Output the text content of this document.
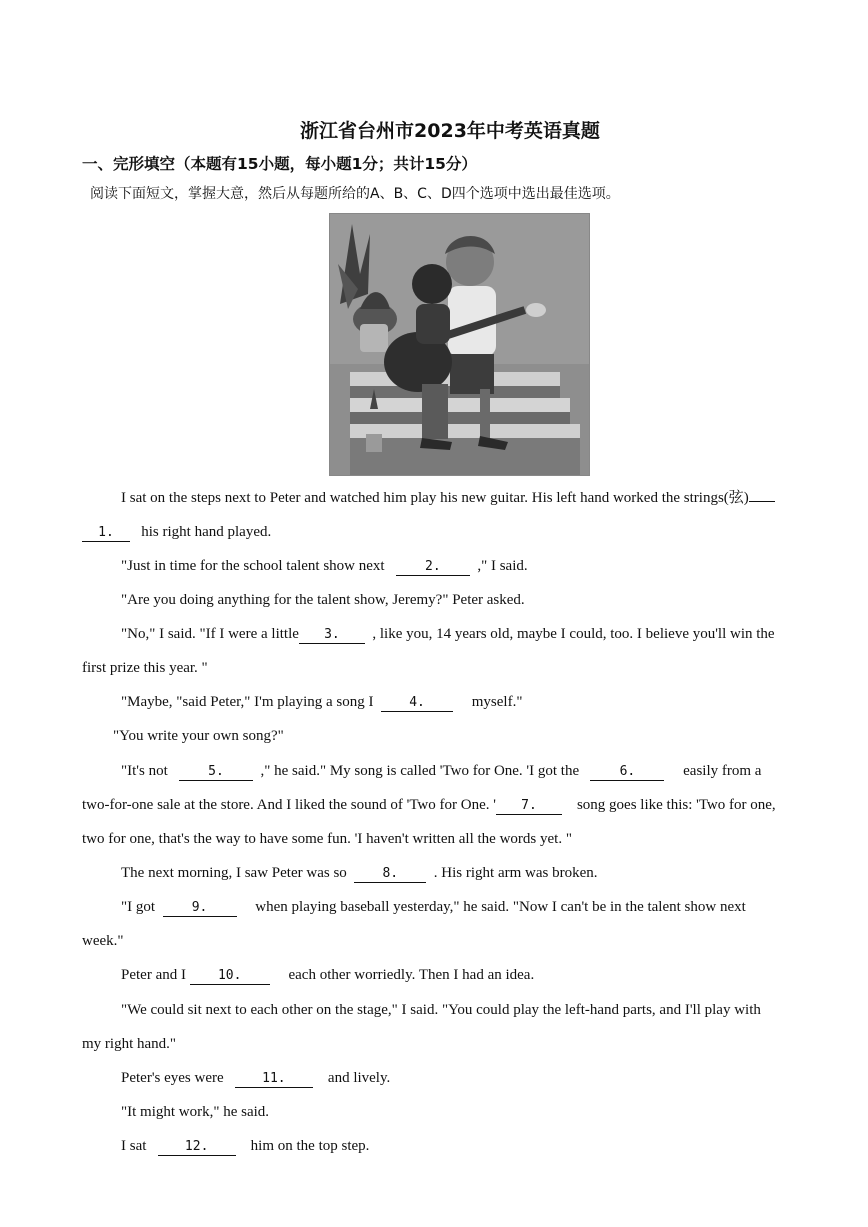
浙江省台州市2023年中考英语真题
一、完形填空（本题有15小题，每小题1分；共计15分）
阅读下面短文，掌握大意，然后从每题所给的A、B、C、D四个选项中选出最佳选项。
I sat on the steps next to Peter and watched him play his new guitar. His left hand worked the strings(弦)
1. his right hand played.
"Just in time for the school talent show next	2. ," I said.
"Are you doing anything for the talent show, Jeremy?" Peter asked.
"No," I said. "If I were a little 3. , like you, 14 years old, maybe I could, too. I believe you'll win the
first prize this year. "
"Maybe, "said Peter," I'm playing a song I	4.	myself."
"You write your own song?"
"It's not	5. ," he said." My song is called 'Two for One. 'I got the	6.	easily from a
two-for-one sale at the store. And I liked the sound of 'Two for One. ' 7.	song goes like this: 'Two for one,
two for one, that's the way to have some fun. 'I haven't written all the words yet. "
The next morning, I saw Peter was so	8. . His right arm was broken.
"I got	9.	when playing baseball yesterday," he said. "Now I can't be in the talent show next
week."
Peter and I 10.	each other worriedly. Then I had an idea.
"We could sit next to each other on the stage," I said. "You could play the left-hand parts, and I'll play with
my right hand."
Peter's eyes were	11.	and lively.
"It might work," he said.
I sat	12.	him on the top step.
